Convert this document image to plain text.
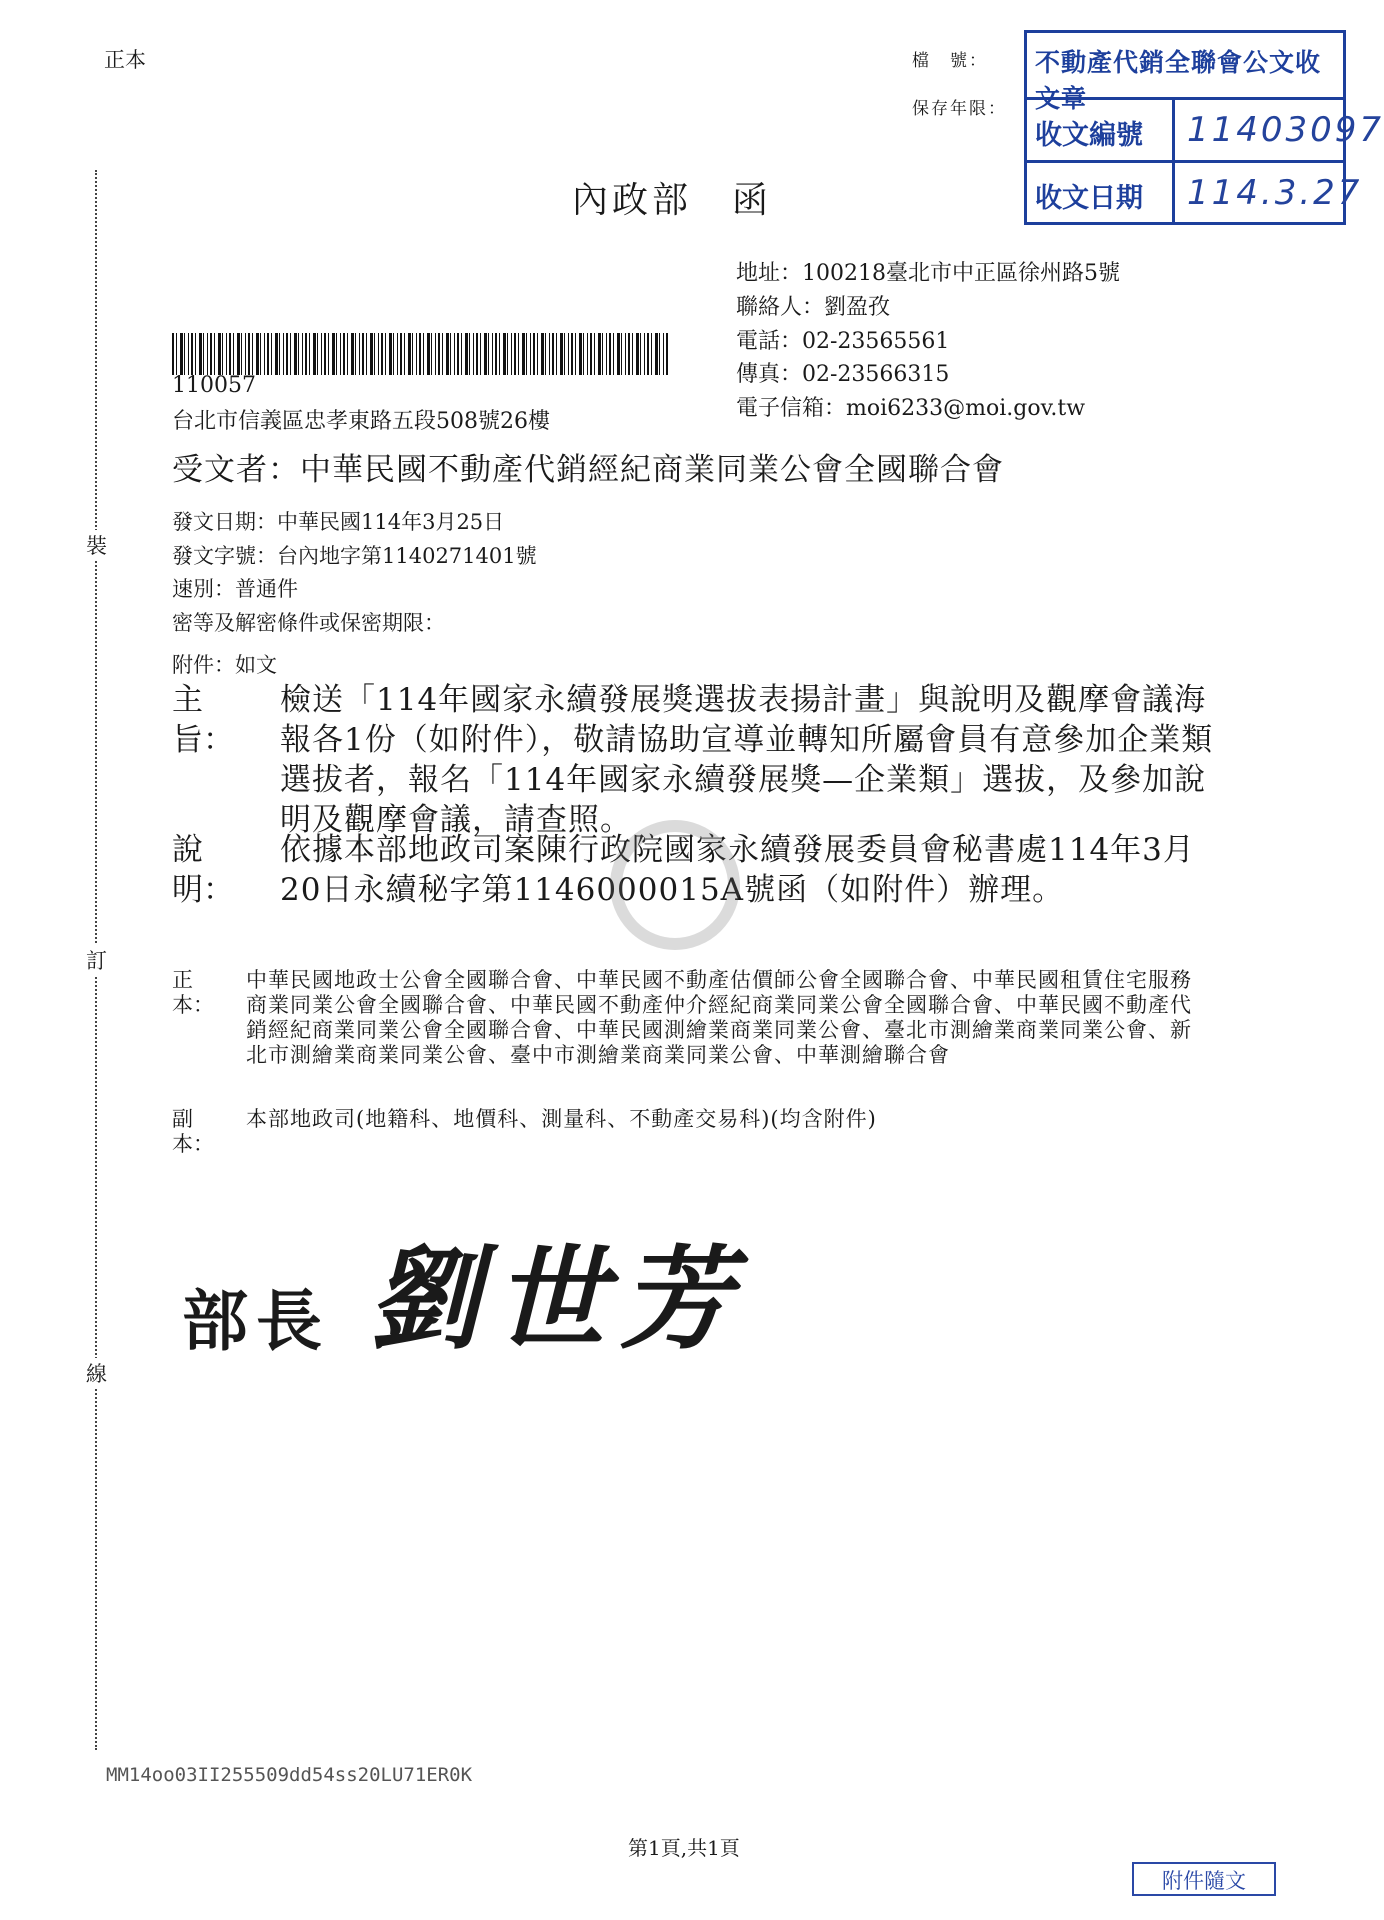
裝
訂
線
正本	檔　號：
保存年限：
不動產代銷全聯會公文收文章
收文編號 11403097
收文日期 114.3.27
內政部　函
地址：100218臺北市中正區徐州路5號
聯絡人：劉盈孜
電話：02-23565561
傳真：02-23566315
電子信箱：moi6233@moi.gov.tw
110057
台北市信義區忠孝東路五段508號26樓
受文者：中華民國不動產代銷經紀商業同業公會全國聯合會
發文日期：中華民國114年3月25日
發文字號：台內地字第1140271401號
速別：普通件
密等及解密條件或保密期限：
附件：如文
主旨：
檢送「114年國家永續發展獎選拔表揚計畫」與說明及觀摩會議海報各1份（如附件），敬請協助宣導並轉知所屬會員有意參加企業類選拔者，報名「114年國家永續發展獎—企業類」選拔，及參加說明及觀摩會議，請查照。
說明：
依據本部地政司案陳行政院國家永續發展委員會秘書處114年3月20日永續秘字第1146000015A號函（如附件）辦理。
正本：
中華民國地政士公會全國聯合會、中華民國不動產估價師公會全國聯合會、中華民國租賃住宅服務商業同業公會全國聯合會、中華民國不動產仲介經紀商業同業公會全國聯合會、中華民國不動產代銷經紀商業同業公會全國聯合會、中華民國測繪業商業同業公會、臺北市測繪業商業同業公會、新北市測繪業商業同業公會、臺中市測繪業商業同業公會、中華測繪聯合會
副本：
本部地政司(地籍科、地價科、測量科、不動產交易科)(均含附件)
部長 劉世芳
MM14oo03II255509dd54ss20LU71ER0K
第1頁,共1頁
附件隨文
